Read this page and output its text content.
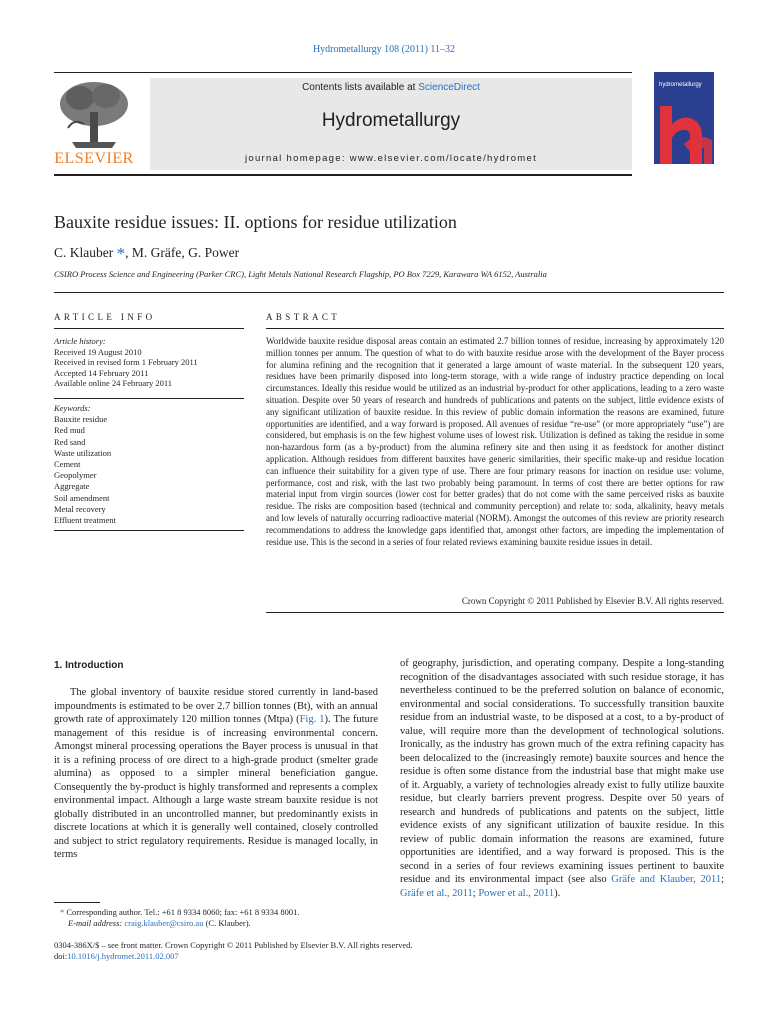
Hydrometallurgy 108 (2011) 11–32
ELSEVIER
Contents lists available at ScienceDirect
Hydrometallurgy
journal homepage: www.elsevier.com/locate/hydromet
hydrometallurgy
Bauxite residue issues: II. options for residue utilization
C. Klauber *, M. Gräfe, G. Power
CSIRO Process Science and Engineering (Parker CRC), Light Metals National Research Flagship, PO Box 7229, Karawara WA 6152, Australia
ARTICLE INFO	ABSTRACT
Article history:
Received 19 August 2010
Received in revised form 1 February 2011
Accepted 14 February 2011
Available online 24 February 2011
Keywords:
Bauxite residue
Red mud
Red sand
Waste utilization
Cement
Geopolymer
Aggregate
Soil amendment
Metal recovery
Effluent treatment
Worldwide bauxite residue disposal areas contain an estimated 2.7 billion tonnes of residue, increasing by approximately 120 million tonnes per annum. The question of what to do with bauxite residue arose with the development of the Bayer process for alumina refining and the recognition that it generated a large amount of waste material. In the subsequent 120 years, residues have been primarily disposed into long-term storage, with a wide range of industry practice depending on local circumstances. Ideally this residue would be utilized as an industrial by-product for other applications, leading to a zero waste situation. Despite over 50 years of research and hundreds of publications and patents on the subject, little evidence exists of any significant utilization of bauxite residue. In this review of public domain information the reasons are examined, future opportunities are identified, and a way forward is proposed. All avenues of residue “re-use” (or more appropriately “use”) are considered, but emphasis is on the few highest volume uses of lowest risk. Utilization is defined as taking the residue in some non-hazardous form (as a by-product) from the alumina refinery site and then using it as feedstock for another distinct application. Although residues from different bauxites have generic similarities, their specific make-up and residue location can influence their suitability for a given type of use. There are four primary reasons for inaction on residue use: volume, performance, cost and risk, with the last two probably being paramount. In terms of cost there are better options for raw material input from virgin sources (lower cost for better grades) that do not come with the same perceived risks as bauxite residue. The risks are composition based (technical and community perception) and relate to: soda, alkalinity, heavy metals and low levels of naturally occurring radioactive material (NORM). Amongst the outcomes of this review are priority research recommendations to address the knowledge gaps identified that, amongst other factors, are impeding the implementation of residue use. This is the second in a series of four related reviews examining bauxite residue issues in detail.
Crown Copyright © 2011 Published by Elsevier B.V. All rights reserved.
1. Introduction
The global inventory of bauxite residue stored currently in land-based impoundments is estimated to be over 2.7 billion tonnes (Bt), with an annual growth rate of approximately 120 million tonnes (Mtpa) (Fig. 1). The future management of this residue is of increasing environmental concern. Amongst mineral processing operations the Bayer process is unusual in that it is a refining process of ore direct to a high-grade product (smelter grade alumina) as opposed to a simpler mineral beneficiation gangue. Consequently the by-product is highly transformed and represents a complex environmental impact. Although a large waste stream bauxite residue is not globally distributed in an uncontrolled manner, but predominantly exists in discrete locations at which it is generally well contained, closely controlled and subject to strict regulatory requirements. Residue is managed locally, in terms
of geography, jurisdiction, and operating company. Despite a long-standing recognition of the disadvantages associated with such residue storage, it has nevertheless continued to be the preferred solution on balance of economic, environmental and social considerations. To successfully transition bauxite residue from an industrial waste, to be disposed at a cost, to a by-product of value, will require more than the development of technological solutions. Ironically, as the industry has grown much of the extra refining capacity has been delocalized to the (increasingly remote) bauxite sources and hence the residue is often some distance from the industrial base that might make use of it. Arguably, a variety of technologies already exist to fully utilize bauxite residue, but clearly barriers prevent progress. Despite over 50 years of research and hundreds of publications and patents on the subject, little evidence exists of any significant utilization of bauxite residue. In this review of public domain information the reasons are examined, future opportunities are identified, and a way forward is proposed. This is the second in a series of four reviews examining issues pertinent to bauxite residue and its environmental impact (see also Gräfe and Klauber, 2011; Gräfe et al., 2011; Power et al., 2011).
* Corresponding author. Tel.: +61 8 9334 8060; fax: +61 8 9334 8001.
E-mail address: craig.klauber@csiro.au (C. Klauber).
0304-386X/$ – see front matter. Crown Copyright © 2011 Published by Elsevier B.V. All rights reserved.
doi:10.1016/j.hydromet.2011.02.007
